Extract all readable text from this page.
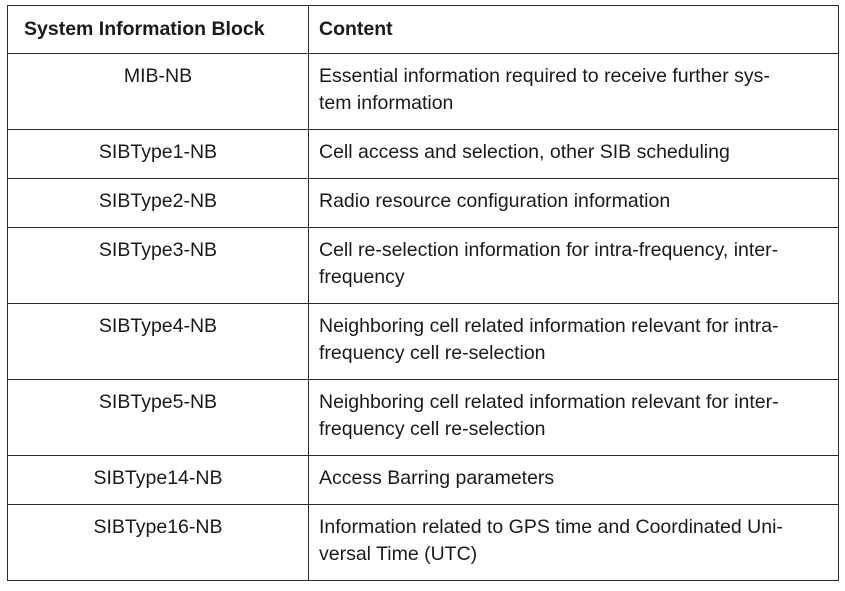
System Information Block	Content
MIB-NB	Essential information required to receive further sys-
tem information

SIBType1-NB	Cell access and selection, other SIB scheduling

SIBType2-NB	Radio resource configuration information

SIBType3-NB	Cell re-selection information for intra-frequency, inter-
frequency

SIBType4-NB	Neighboring cell related information relevant for intra-
frequency cell re-selection

SIBType5-NB	Neighboring cell related information relevant for inter-
frequency cell re-selection

SIBType14-NB	Access Barring parameters

SIBType16-NB	Information related to GPS time and Coordinated Uni-
versal Time (UTC)
